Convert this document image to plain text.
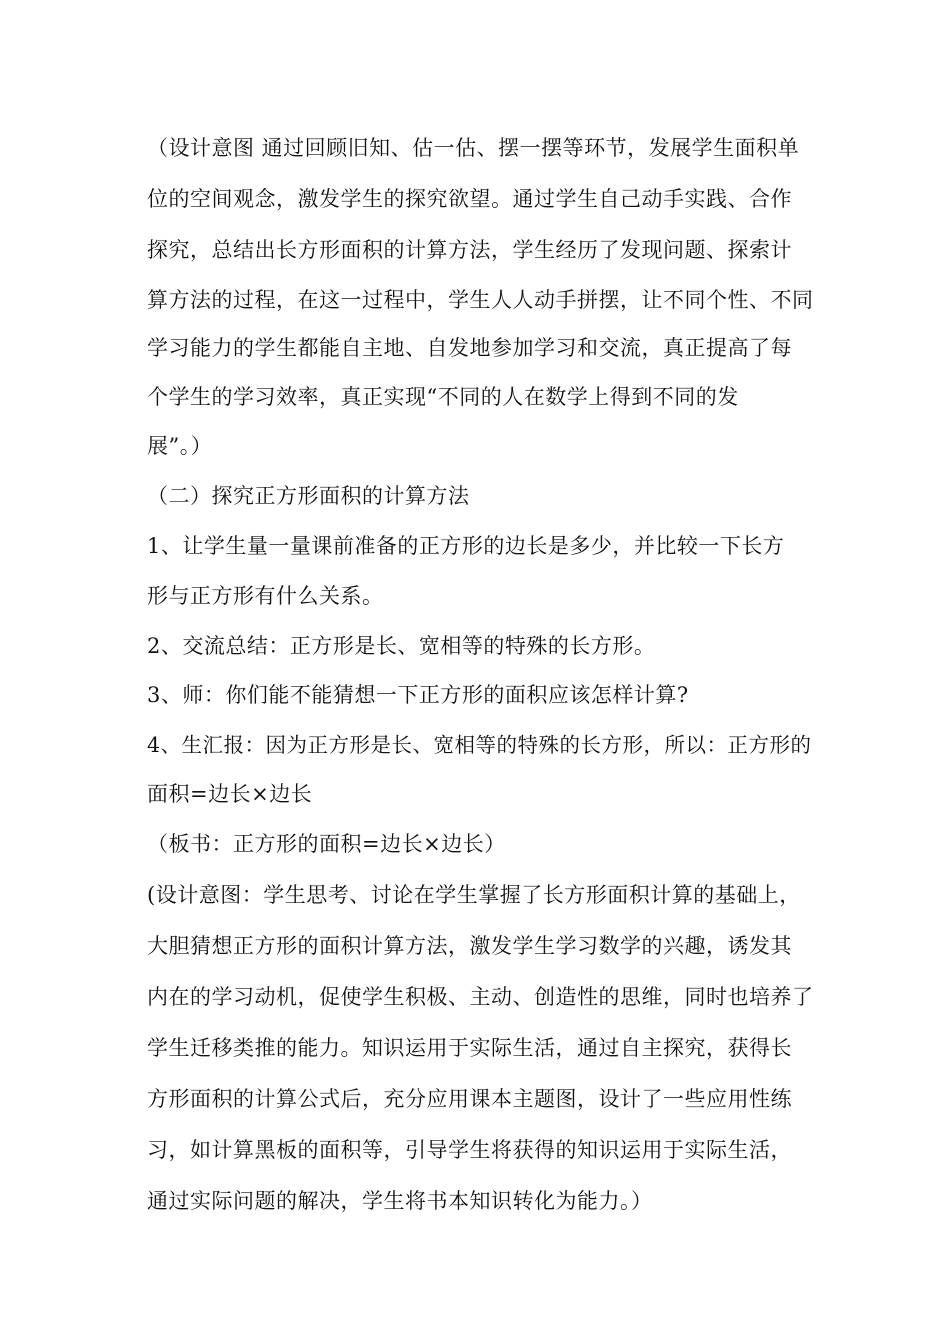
（设计意图 通过回顾旧知、估一估、摆一摆等环节，发展学生面积单
位的空间观念，激发学生的探究欲望。通过学生自己动手实践、合作
探究，总结出长方形面积的计算方法，学生经历了发现问题、探索计
算方法的过程，在这一过程中，学生人人动手拼摆，让不同个性、不同
学习能力的学生都能自主地、自发地参加学习和交流，真正提高了每
个学生的学习效率，真正实现“不同的人在数学上得到不同的发
展”。）
（二）探究正方形面积的计算方法
1、让学生量一量课前准备的正方形的边长是多少，并比较一下长方
形与正方形有什么关系。
2、交流总结：正方形是长、宽相等的特殊的长方形。
3、师：你们能不能猜想一下正方形的面积应该怎样计算?
4、生汇报：因为正方形是长、宽相等的特殊的长方形，所以：正方形的
面积=边长×边长
（板书：正方形的面积=边长×边长）
(设计意图：学生思考、讨论在学生掌握了长方形面积计算的基础上，
大胆猜想正方形的面积计算方法，激发学生学习数学的兴趣，诱发其
内在的学习动机，促使学生积极、主动、创造性的思维，同时也培养了
学生迁移类推的能力。知识运用于实际生活，通过自主探究，获得长
方形面积的计算公式后，充分应用课本主题图，设计了一些应用性练
习，如计算黑板的面积等，引导学生将获得的知识运用于实际生活，
通过实际问题的解决，学生将书本知识转化为能力。）
